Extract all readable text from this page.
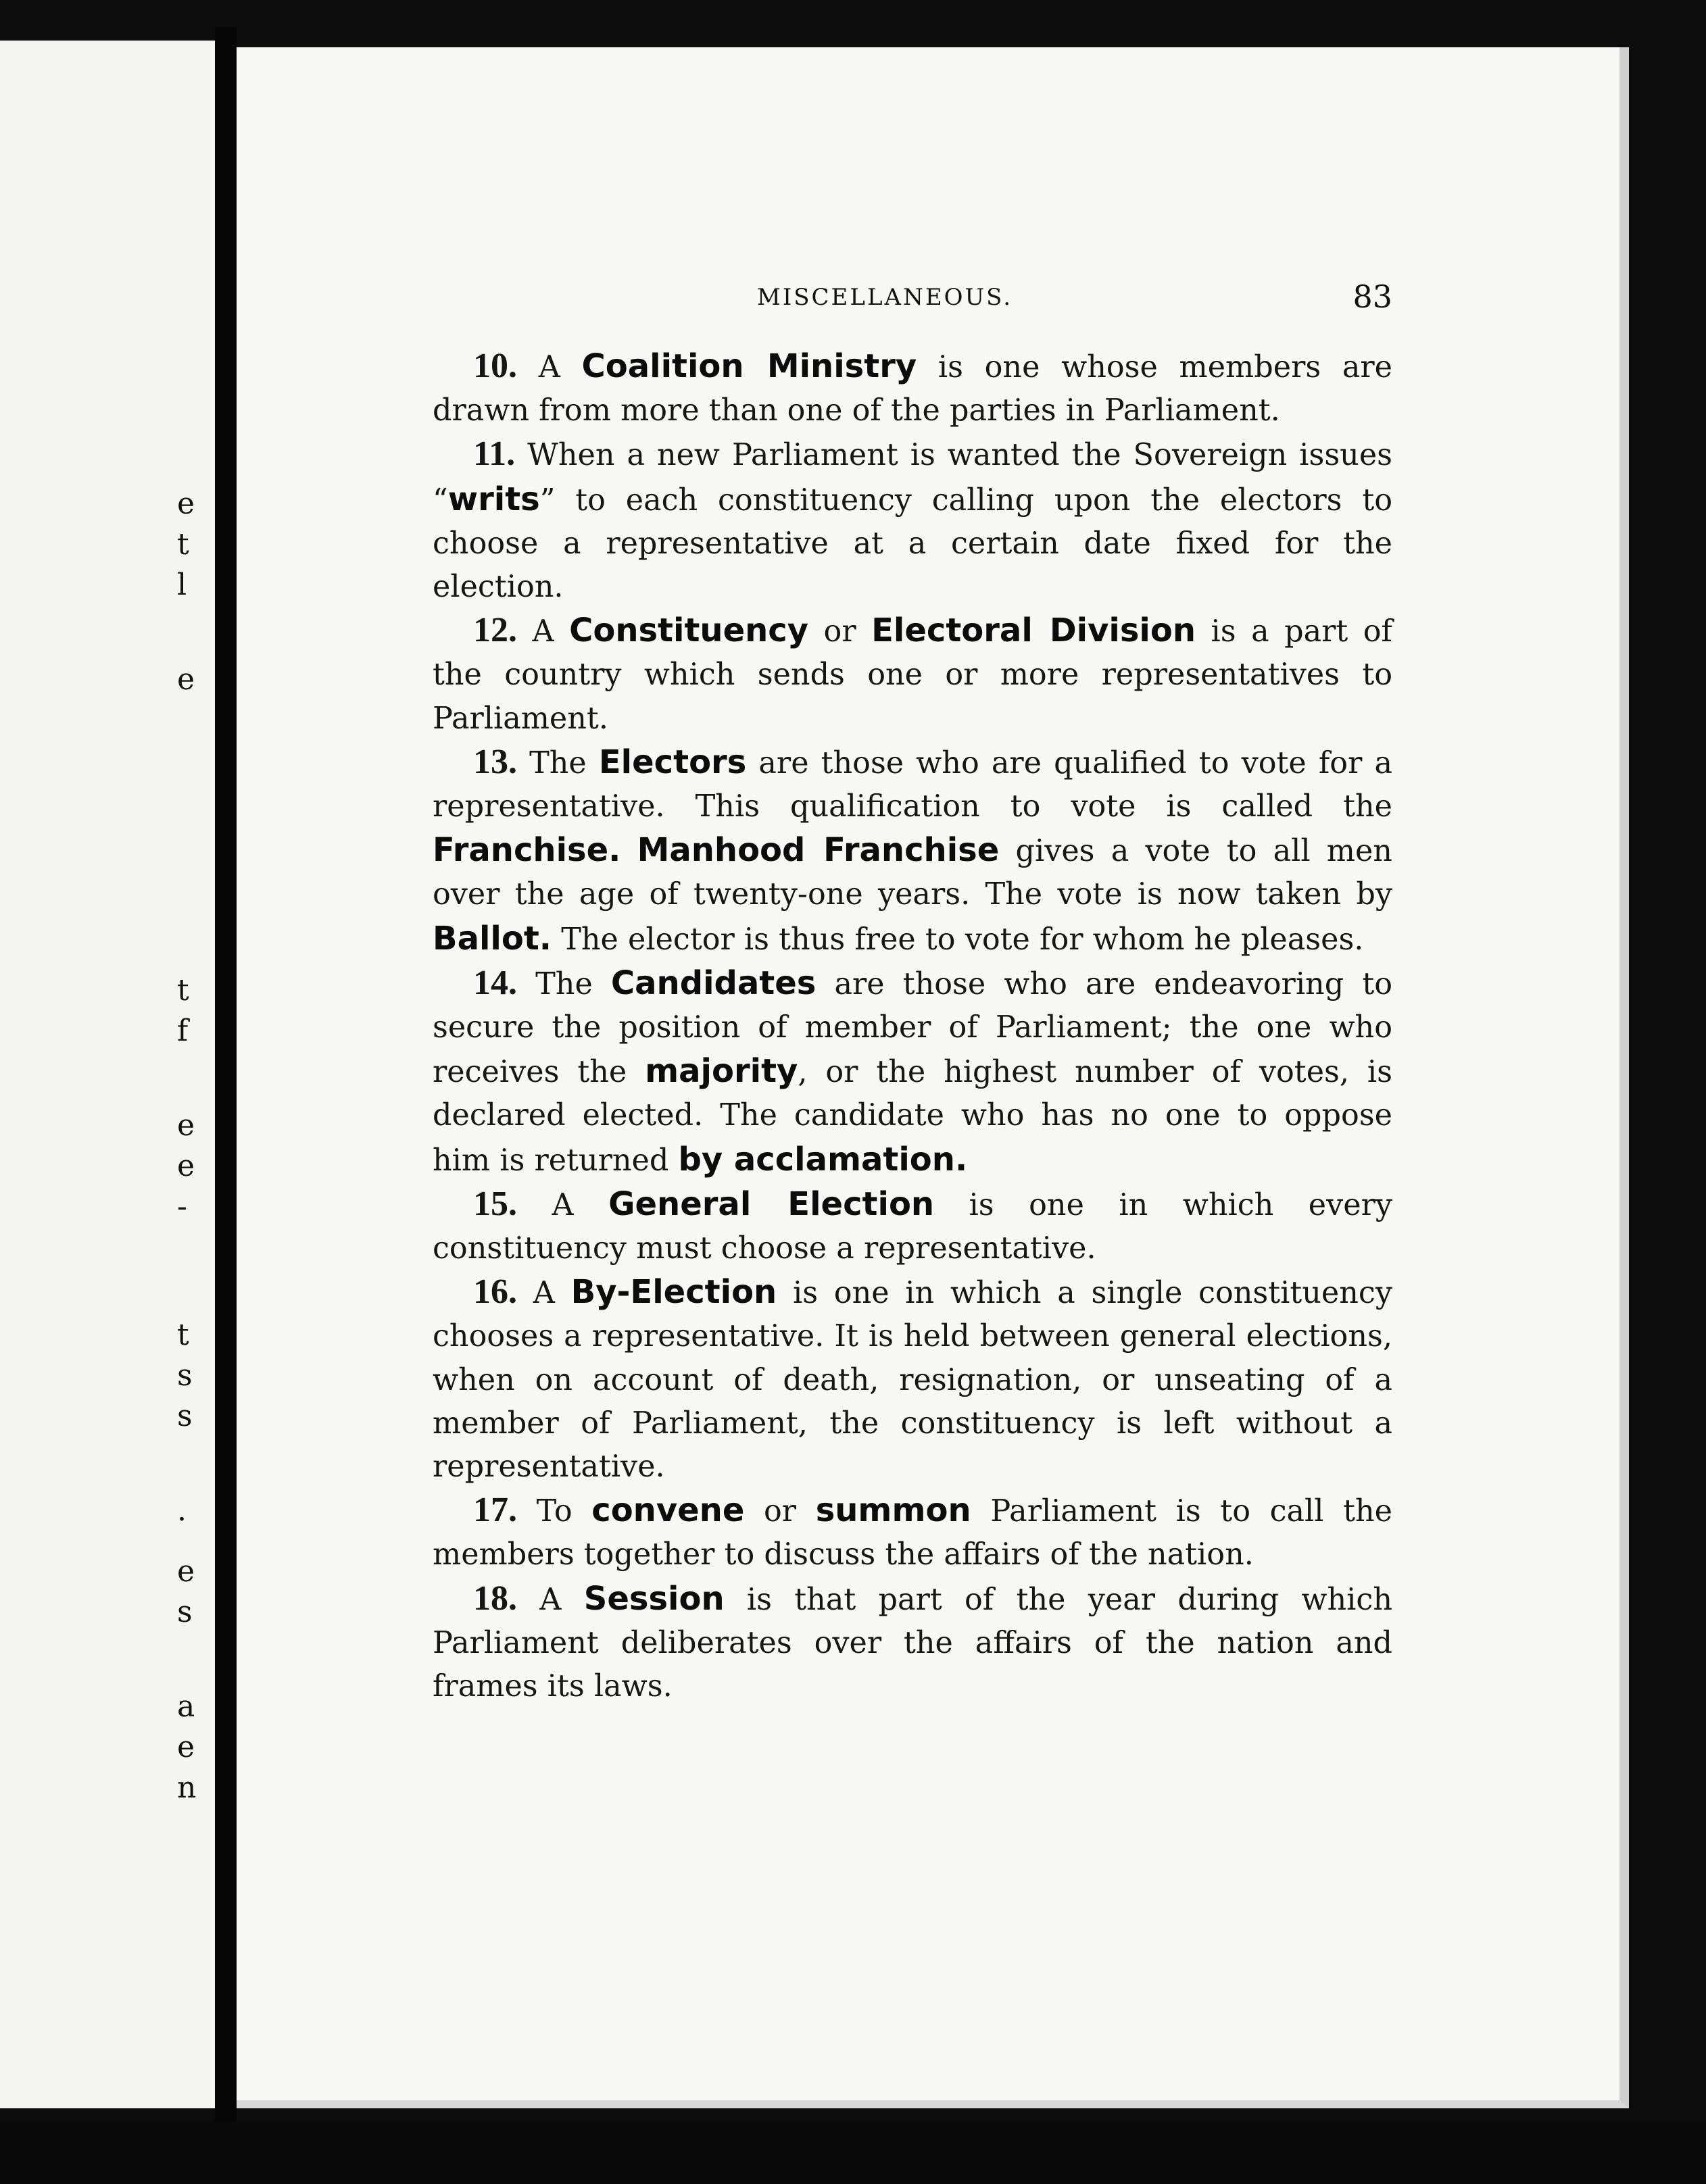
e
t
l
e
t
f
e
e
-
t
s
s
.
e
s
a
e
n
MISCELLANEOUS.	83

10. A Coalition Ministry is one whose members are drawn from more than one of the parties in Parliament.

11. When a new Parliament is wanted the Sovereign issues “writs” to each constituency calling upon the electors to choose a representative at a certain date fixed for the election.

12. A Constituency or Electoral Division is a part of the country which sends one or more representatives to Parliament.

13. The Electors are those who are qualified to vote for a representative. This qualification to vote is called the Franchise. Manhood Franchise gives a vote to all men over the age of twenty-one years. The vote is now taken by Ballot. The elector is thus free to vote for whom he pleases.

14. The Candidates are those who are endeavoring to secure the position of member of Parliament; the one who receives the majority, or the highest number of votes, is declared elected. The candidate who has no one to oppose him is returned by acclamation.

15. A General Election is one in which every constituency must choose a representative.

16. A By-Election is one in which a single constituency chooses a representative. It is held between general elections, when on account of death, resignation, or unseating of a member of Parliament, the constituency is left without a representative.

17. To convene or summon Parliament is to call the members together to discuss the affairs of the nation.

18. A Session is that part of the year during which Parliament deliberates over the affairs of the nation and frames its laws.
